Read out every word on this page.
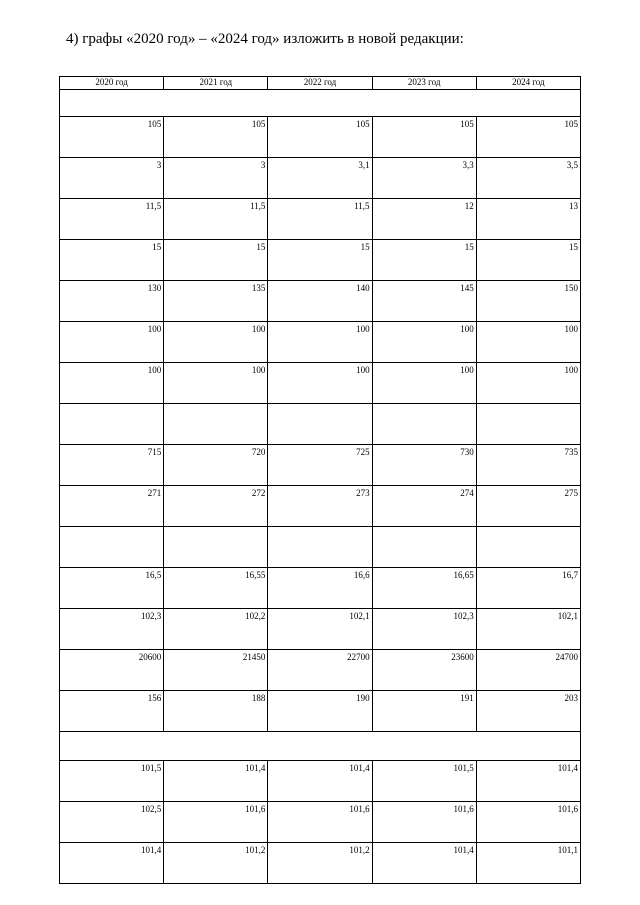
4) графы «2020 год» – «2024 год» изложить в новой редакции:
2020 год	2021 год	2022 год	2023 год	2024 год

105	105	105	105	105
3	3	3,1	3,3	3,5
11,5	11,5	11,5	12	13
15	15	15	15	15
130	135	140	145	150
100	100	100	100	100
100	100	100	100	100

715	720	725	730	735
271	272	273	274	275

16,5	16,55	16,6	16,65	16,7
102,3	102,2	102,1	102,3	102,1
20600	21450	22700	23600	24700
156	188	190	191	203

101,5	101,4	101,4	101,5	101,4
102,5	101,6	101,6	101,6	101,6
101,4	101,2	101,2	101,4	101,1
